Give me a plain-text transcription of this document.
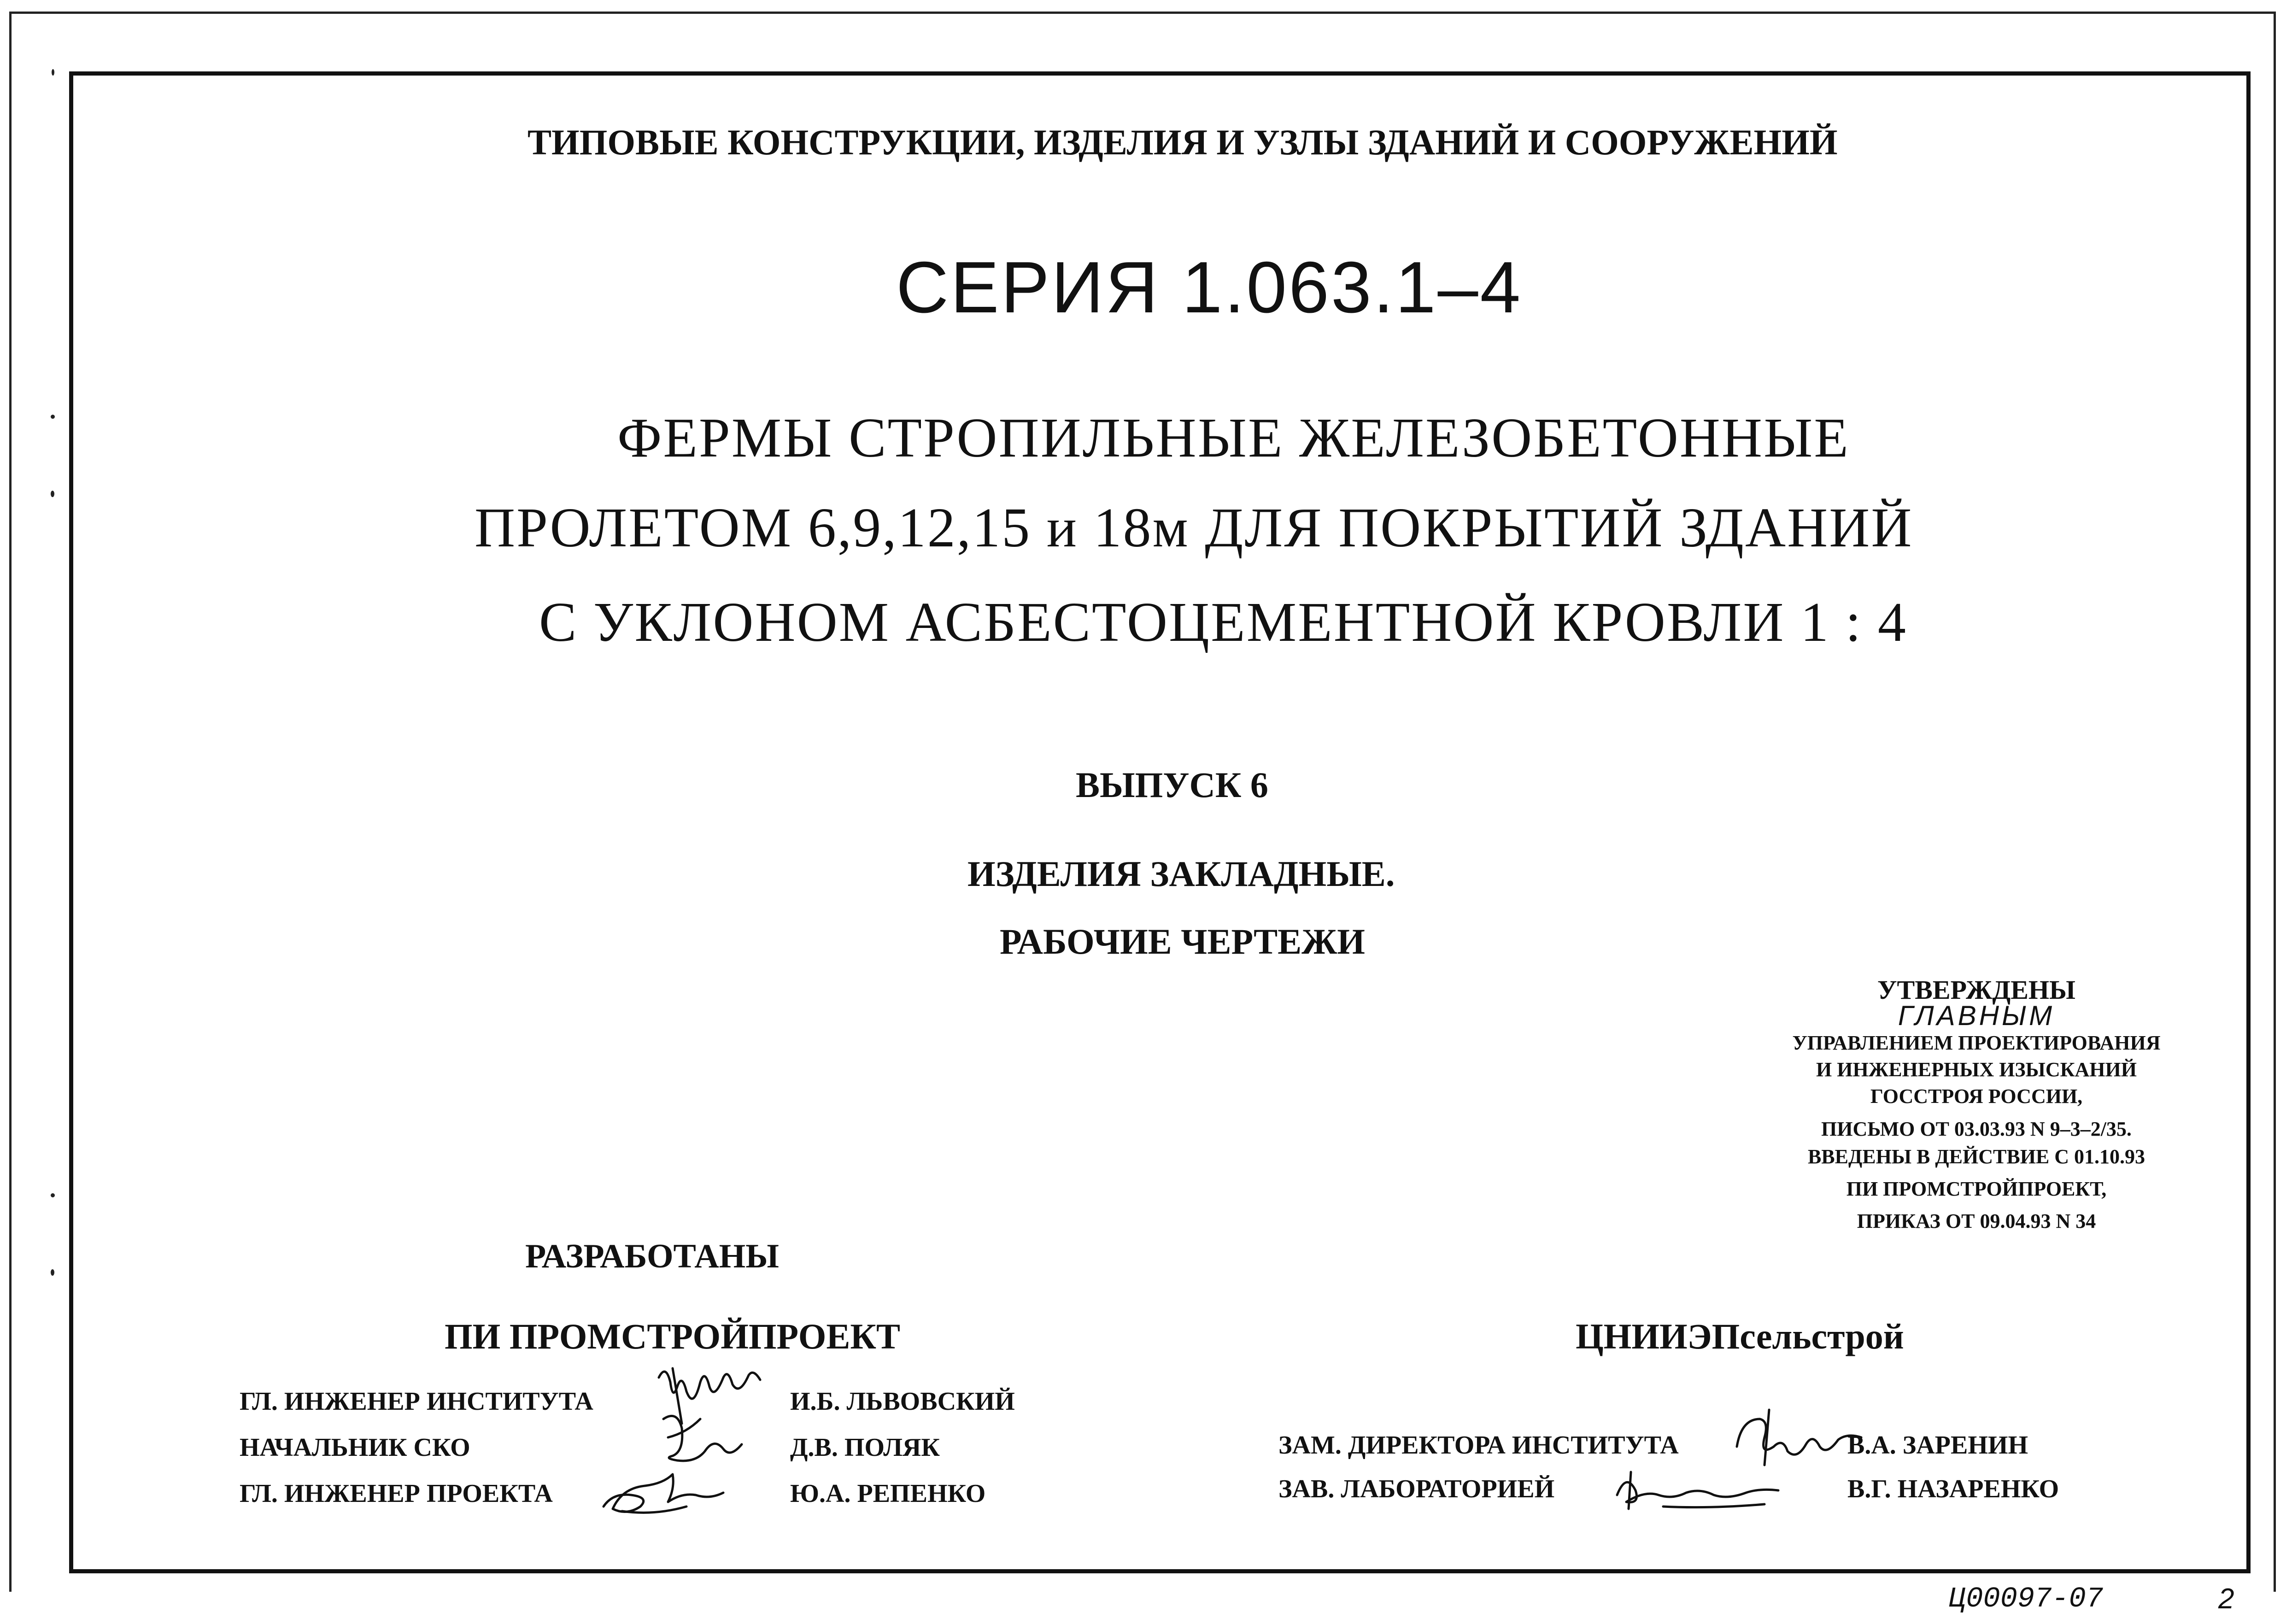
ТИПОВЫЕ КОНСТРУКЦИИ, ИЗДЕЛИЯ И УЗЛЫ ЗДАНИЙ И СООРУЖЕНИЙ
СЕРИЯ 1.063.1–4
ФЕРМЫ СТРОПИЛЬНЫЕ ЖЕЛЕЗОБЕТОННЫЕ
ПРОЛЕТОМ 6,9,12,15 и 18м ДЛЯ ПОКРЫТИЙ ЗДАНИЙ
С УКЛОНОМ АСБЕСТОЦЕМЕНТНОЙ КРОВЛИ 1 : 4
ВЫПУСК 6
ИЗДЕЛИЯ ЗАКЛАДНЫЕ.
РАБОЧИЕ ЧЕРТЕЖИ
УТВЕРЖДЕНЫ
ГЛАВНЫМ
УПРАВЛЕНИЕМ ПРОЕКТИРОВАНИЯ
И ИНЖЕНЕРНЫХ ИЗЫСКАНИЙ
ГОССТРОЯ РОССИИ,
ПИСЬМО ОТ 03.03.93 N 9–3–2/35.
ВВЕДЕНЫ В ДЕЙСТВИЕ С 01.10.93
ПИ ПРОМСТРОЙПРОЕКТ,
ПРИКАЗ ОТ 09.04.93 N 34
РАЗРАБОТАНЫ
ПИ ПРОМСТРОЙПРОЕКТ	ЦНИИЭПсельстрой
ГЛ. ИНЖЕНЕР ИНСТИТУТА
НАЧАЛЬНИК СКО
ГЛ. ИНЖЕНЕР ПРОЕКТА
И.Б. ЛЬВОВСКИЙ
Д.В. ПОЛЯК
Ю.А. РЕПЕНКО
ЗАМ. ДИРЕКТОРА ИНСТИТУТА
ЗАВ. ЛАБОРАТОРИЕЙ
В.А. ЗАРЕНИН
В.Г. НАЗАРЕНКО
Ц00097-07	2
